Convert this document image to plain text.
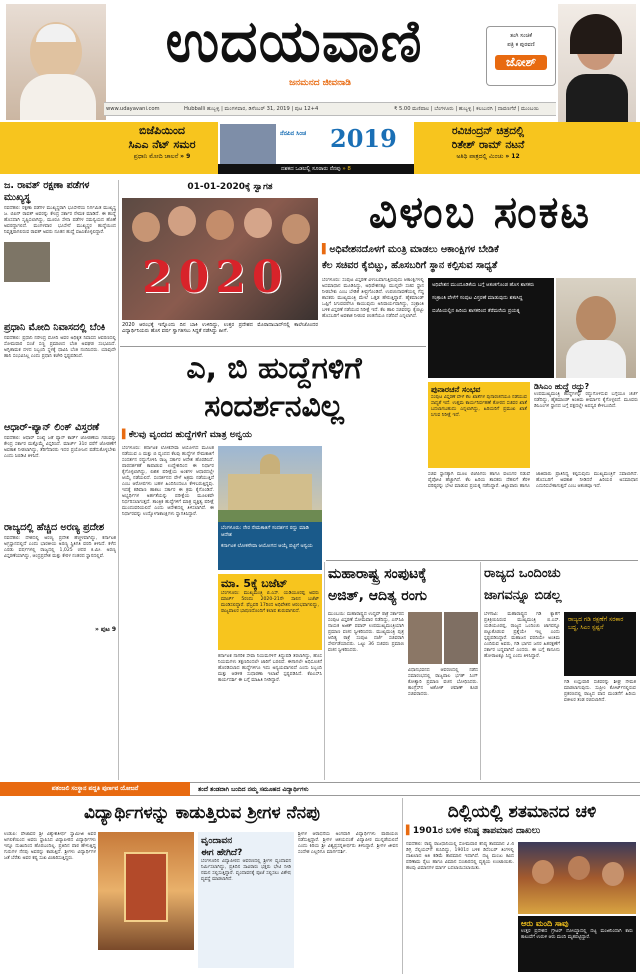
ಉದಯವಾಣಿ
ಜನಮನದ ಜೀವನಾಡಿ
ತಂಗಿ ಸಂಚಿಕೆ
ಪತ್ರಿ ಕ ಪುರವಣಿ
ಜೋಶ್
www.udayavani.com	Hubballi ಹುಬ್ಬಳ್ಳಿ | ಮಂಗಳವಾರ, ಡಿಸೆಂಬರ್ 31, 2019 | ಪುಟ 12+4	₹ 5.00 ಮಣಿಪಾಲ | ಬೆಂಗಳೂರು | ಹುಬ್ಬಳ್ಳಿ | ಕಲಬುರಗಿ | ದಾವಣಗೆರೆ | ಮುಂಬಯಿ
ಬಿಜೆಪಿಯಿಂದ
ಸಿಎಎ ನೆಟ್ ಸಮರ
ಪ್ರಧಾನಿ ಮೋದಿ ಚಾಲನೆ » 9
ನೆನಪಿನ ಸಿಂಚ 2019
ದಶಕದ ಒಡಲಲ್ಲಿ ಸೂರಾರು ನೆನಪು » 8
ರವಿಚಂದ್ರನ್ ಚಿತ್ರದಲ್ಲಿ
ರಿತೇಶ್ ರಾಮ್ ನಟನೆ
ಅತಿಥಿ ಪಾತ್ರದಲ್ಲಿ ಮಿಂಚು » 12
ಜ. ರಾವತ್ ರಕ್ಷಣಾ ಪಡೆಗಳ ಮುಖ್ಯಸ್ಥ
ನವದೆಹಲಿ: ರಕ್ಷಣಾ ಪಡೆಗಳ ಮುಖ್ಯಸ್ಥರಾಗಿ ಭೂಸೇನೆಯ ನಿರ್ಗಮಿತ ಮುಖ್ಯಸ್ಥ ಜ. ಬಿಪಿನ್ ರಾವತ್ ಅವರನ್ನು ಕೇಂದ್ರ ಸರ್ಕಾರ ನೇಮಕ ಮಾಡಿದೆ. ಈ ಹುದ್ದೆ ಹೊಸದಾಗಿ ಸೃಷ್ಟಿಸಲಾಗಿದ್ದು, ಮೂರೂ ಸೇನಾ ಪಡೆಗಳ ಸಮನ್ವಯದ ಹೊಣೆ ಅವರದ್ದಾಗಲಿದೆ. ಮಂಗಳವಾರ ಭೂಸೇನೆ ಮುಖ್ಯಸ್ಥರ ಹುದ್ದೆಯಿಂದ ನಿವೃತ್ತರಾಗಲಿರುವ ರಾವತ್ ಅವರು ನೂತನ ಹುದ್ದೆ ವಹಿಸಿಕೊಳ್ಳಲಿದ್ದಾರೆ.
ಪ್ರಧಾನಿ ಮೋದಿ ನಿವಾಸದಲ್ಲಿ ಬೆಂಕಿ
ನವದೆಹಲಿ: ಪ್ರಧಾನಿ ನರೇಂದ್ರ ಮೋದಿ ಅವರ ಅಧಿಕೃತ ನಿವಾಸದ ಆವರಣದಲ್ಲಿ ಸೋಮವಾರ ಸಂಜೆ ಸಣ್ಣ ಪ್ರಮಾಣದ ಬೆಂಕಿ ಅವಘಡ ಸಂಭವಿಸಿದೆ. ಅಗ್ನಿಶಾಮಕ ದಳದ ಸಿಬ್ಬಂದಿ ಸ್ಥಳಕ್ಕೆ ಧಾವಿಸಿ ಬೆಂಕಿ ನಂದಿಸಿದರು. ಯಾವುದೇ ಹಾನಿ ಸಂಭವಿಸಿಲ್ಲ ಎಂದು ಪ್ರಧಾನಿ ಕಚೇರಿ ಸ್ಪಷ್ಟಪಡಿಸಿದೆ.
ಆಧಾರ್-ಪ್ಯಾನ್ ಲಿಂಕ್ ವಿಸ್ತರಣೆ
ನವದೆಹಲಿ: ಆಧಾರ್ ಸಂಖ್ಯೆ ಜತೆ ಪ್ಯಾನ್ ಕಾರ್ಡ್ ಜೋಡಣೆಯ ಗಡುವನ್ನು ಕೇಂದ್ರ ಸರ್ಕಾರ ಮತ್ತೊಮ್ಮೆ ವಿಸ್ತರಿಸಿದೆ. ಮಾರ್ಚ್ 31ರ ವರೆಗೆ ಜೋಡಣೆಗೆ ಅವಕಾಶ ನೀಡಲಾಗಿದ್ದು, ತೆರಿಗೆದಾರರು ಇದರ ಪ್ರಯೋಜನ ಪಡೆದುಕೊಳ್ಳಬೇಕು ಎಂದು ಸಿಬಿಡಿಟಿ ತಿಳಿಸಿದೆ.
ರಾಜ್ಯದಲ್ಲಿ ಹೆಚ್ಚಿದ ಅರಣ್ಯ ಪ್ರದೇಶ
ನವದೆಹಲಿ: ದೇಶದಲ್ಲಿ ಅರಣ್ಯ ಪ್ರದೇಶ ಹೆಚ್ಚಳವಾಗಿದ್ದು, ಕರ್ನಾಟಕ ಅಗ್ರಸ್ಥಾನದಲ್ಲಿದೆ ಎಂದು ಭಾರತೀಯ ಅರಣ್ಯ ಸ್ಥಿತಿಗತಿ ವರದಿ ತಿಳಿಸಿದೆ. ಕಳೆದ ಎರಡು ವರ್ಷಗಳಲ್ಲಿ ರಾಜ್ಯದಲ್ಲಿ 1,025 ಚದರ ಕಿ.ಮೀ. ಅರಣ್ಯ ವಿಸ್ತರಣೆಯಾಗಿದ್ದು, ಆಂಧ್ರಪ್ರದೇಶ ಮತ್ತು ಕೇರಳ ನಂತರದ ಸ್ಥಾನದಲ್ಲಿವೆ.
» ಪುಟ 9
01-01-2020ಕ್ಕೆ ಸ್ವಾಗತ
2020
2020 ಆರಂಭಕ್ಕೆ ಇನ್ನೊಂದು ದಿನ ಬಾಕಿ ಉಳಿದಿದ್ದು, ಉತ್ತರ ಪ್ರದೇಶದ ಮೊರಾದಾಬಾದ್‌ನಲ್ಲಿ ಕಾಲೇಜೊಂದರ ವಿದ್ಯಾರ್ಥಿನಿಯರು ಹೊಸ ವರ್ಷ ಸ್ವಾಗತಿಸಲು ಸಿದ್ಧತೆ ನಡೆಸಿದ್ದು ಹೀಗೆ.
ವಿಳಂಬ ಸಂಕಟ
▌ಅಧಿವೇಶನದೊಳಗೆ ಮಂತ್ರಿ ಮಾಡಲು ಆಕಾಂಕ್ಷಿಗಳ ಬೇಡಿಕೆ
ಕೆಲ ಸಚಿವರ ಕೈಬಿಟ್ಟು, ಹೊಸಬರಿಗೆ ಸ್ಥಾನ ಕಲ್ಪಿಸುವ ಸಾಧ್ಯತೆ
ಬೆಂಗಳೂರು: ಸಂಪುಟ ವಿಸ್ತರಣೆ ವಿಳಂಬವಾಗುತ್ತಿರುವುದು ಆಕಾಂಕ್ಷಿಗಳಲ್ಲಿ ಅಸಮಾಧಾನ ಮೂಡಿಸಿದ್ದು, ಅಧಿವೇಶನಕ್ಕೂ ಮುನ್ನವೇ ಸಚಿವ ಸ್ಥಾನ ನೀಡಬೇಕು ಎಂಬ ಬೇಡಿಕೆ ತೀವ್ರಗೊಂಡಿದೆ. ಉಪಚುನಾವಣೆಯಲ್ಲಿ ಗೆದ್ದ ಶಾಸಕರು ಮುಖ್ಯಮಂತ್ರಿ ಮೇಲೆ ಒತ್ತಡ ಹೇರುತ್ತಿದ್ದಾರೆ. ಹೈಕಮಾಂಡ್ ಒಪ್ಪಿಗೆ ಸಿಗುವವರೆಗೂ ಕಾಯುವುದು ಅನಿವಾರ್ಯವಾಗಿದ್ದು, ಸಂಕ್ರಾಂತಿ ಬಳಿಕ ವಿಸ್ತರಣೆ ನಡೆಯುವ ನಿರೀಕ್ಷೆ ಇದೆ. ಕೆಲ ಹಾಲಿ ಸಚಿವರನ್ನು ಕೈಬಿಟ್ಟು ಹೊಸಬರಿಗೆ ಅವಕಾಶ ನೀಡುವ ಚಿಂತನೆಯೂ ನಡೆದಿದೆ ಎನ್ನಲಾಗಿದೆ.
ಅಧಿವೇಶನ ಮುಂದೂಡಿಕೆಯ ಬಗ್ಗೆ ಆತಂಕಗೊಂಡ ಹೊಸ ಶಾಸಕರು
ಸಂಕ್ರಾಂತಿ ವೇಳೆಗೆ ಸಂಪುಟ ವಿಸ್ತರಣೆ ಮಾಡುವುದು ಶತಃಸಿದ್ಧ
ಬಿಜೆಪಿಯಲ್ಲಿನ ಹಿರಿಯ ಶಾಸಕರಿಂದ ತೆರೆಮರೆಯ ಪ್ರಯತ್ನ
ಪುನಾರಚನೆ ಸಂಭವ
ಸಂಪುಟ ವಿಸ್ತರಣೆ ವೇಳೆ ಕೆಲ ಖಾತೆಗಳ ಪುನಾರಚನೆಯೂ ನಡೆಯುವ ಸಾಧ್ಯತೆ ಇದೆ. ಉತ್ತಮ ಕಾರ್ಯನಿರ್ವಹಣೆ ತೋರದ ಸಚಿವರ ಖಾತೆ ಬದಲಾಗಬಹುದು ಎನ್ನಲಾಗಿದ್ದು, ಹಿರಿಯರಿಗೆ ಪ್ರಮುಖ ಖಾತೆ ಸಿಗುವ ನಿರೀಕ್ಷೆ ಇದೆ.
ಡಿಸಿಎಂ ಹುದ್ದೆ ರದ್ದು?
ಉಪಮುಖ್ಯಮಂತ್ರಿ ಹುದ್ದೆಗಳನ್ನು ರದ್ದುಗೊಳಿಸುವ ಬಗ್ಗೆಯೂ ಚರ್ಚೆ ನಡೆದಿದ್ದು, ಹೈಕಮಾಂಡ್ ಅಂತಿಮ ತೀರ್ಮಾನ ಕೈಗೊಳ್ಳಲಿದೆ. ಮೂವರು ಡಿಸಿಎಂಗಳ ಸ್ಥಾನದ ಬಗ್ಗೆ ಪಕ್ಷದಲ್ಲೇ ಅಪಸ್ವರ ಕೇಳಿಬಂದಿದೆ.
ಸಚಿವ ಸ್ಥಾನಕ್ಕಾಗಿ ಮೂಲ ಬಿಜೆಪಿಗರು ಹಾಗೂ ವಲಸಿಗರ ನಡುವೆ ಪೈಪೋಟಿ ಹೆಚ್ಚಾಗಿದೆ. ಕೆಲ ಹಿರಿಯ ಶಾಸಕರು ದೆಹಲಿಗೆ ತೆರಳಿ ವರಿಷ್ಠರನ್ನು ಭೇಟಿ ಮಾಡುವ ಪ್ರಯತ್ನ ನಡೆಸಿದ್ದಾರೆ. ಜಿಲ್ಲಾವಾರು ಹಾಗೂ ಜಾತಿವಾರು ಪ್ರಾತಿನಿಧ್ಯ ಕಲ್ಪಿಸುವುದು ಮುಖ್ಯಮಂತ್ರಿಗೆ ಸವಾಲಾಗಿದೆ. ಹೊಸಬರಿಗೆ ಅವಕಾಶ ನೀಡಿದರೆ ಹಿರಿಯರ ಅಸಮಾಧಾನ ಎದುರಿಸಬೇಕಾಗುತ್ತದೆ ಎಂಬ ಆತಂಕವೂ ಇದೆ.
ಎ, ಬಿ ಹುದ್ದೆಗಳಿಗೆ
ಸಂದರ್ಶನವಿಲ್ಲ
▌ಕೆಲವು ವೃಂದದ ಹುದ್ದೆಗಳಿಗೆ ಮಾತ್ರ ಅನ್ವಯ
ಬೆಂಗಳೂರು: ಕರ್ನಾಟಕ ಲೋಕಸೇವಾ ಆಯೋಗದ ಮೂಲಕ ನಡೆಯುವ ಎ ಮತ್ತು ಬಿ ವೃಂದದ ಕೆಲವು ಹುದ್ದೆಗಳ ನೇಮಕಾತಿಗೆ ಸಂದರ್ಶನ ರದ್ದುಗೊಳಿಸಿ ರಾಜ್ಯ ಸರ್ಕಾರ ಆದೇಶ ಹೊರಡಿಸಿದೆ. ಪಾರದರ್ಶಕತೆ ಕಾಪಾಡುವ ಉದ್ದೇಶದಿಂದ ಈ ನಿರ್ಧಾರ ಕೈಗೊಳ್ಳಲಾಗಿದ್ದು, ಲಿಖಿತ ಪರೀಕ್ಷೆಯ ಅಂಕಗಳ ಆಧಾರದಲ್ಲೇ ಆಯ್ಕೆ ನಡೆಯಲಿದೆ. ಸಂದರ್ಶನದ ವೇಳೆ ಅಕ್ರಮ ನಡೆಯುತ್ತಿದೆ ಎಂಬ ಆರೋಪಗಳು ಬಹಳ ಹಿಂದಿನಿಂದಲೂ ಕೇಳಿಬರುತ್ತಿದ್ದವು. ಇದಕ್ಕೆ ಕಡಿವಾಣ ಹಾಕಲು ಸರ್ಕಾರ ಈ ಕ್ರಮ ಕೈಗೊಂಡಿದೆ. ಅಭ್ಯರ್ಥಿಗಳ ಅರ್ಹತೆಯನ್ನು ಪರೀಕ್ಷೆಯ ಮೂಲಕವೇ ನಿರ್ಧರಿಸಲಾಗುತ್ತದೆ. ತಾಂತ್ರಿಕ ಹುದ್ದೆಗಳಿಗೆ ಮಾತ್ರ ವ್ಯಕ್ತಿತ್ವ ಪರೀಕ್ಷೆ ಮುಂದುವರಿಯಲಿದೆ ಎಂದು ಆದೇಶದಲ್ಲಿ ತಿಳಿಸಲಾಗಿದೆ. ಈ ನಿರ್ಧಾರವನ್ನು ಉದ್ಯೋಗಾಕಾಂಕ್ಷಿಗಳು ಸ್ವಾಗತಿಸಿದ್ದಾರೆ.
ಬೆಂಗಳೂರು: ನೇರ ನೇಮಕಾತಿಗೆ ಸಂದರ್ಶನ ರದ್ದು ಮಾಡಿ ಆದೇಶ
ಕರ್ನಾಟಕ ಲೋಕಸೇವಾ ಆಯೋಗದ ಆಯ್ಕೆ ಪಟ್ಟಿಗೆ ಅನ್ವಯ
ಮಾ. 5ಕ್ಕೆ ಬಜೆಟ್
ಬೆಂಗಳೂರು: ಮುಖ್ಯಮಂತ್ರಿ ಬಿ.ಎಸ್. ಯಡಿಯೂರಪ್ಪ ಅವರು ಮಾರ್ಚ್ 5ರಂದು 2020-21ನೇ ಸಾಲಿನ ಬಜೆಟ್ ಮಂಡಿಸಲಿದ್ದಾರೆ. ಫೆಬ್ರವರಿ 17ರಿಂದ ಅಧಿವೇಶನ ಆರಂಭವಾಗಲಿದ್ದು, ರಾಜ್ಯಪಾಲರ ಭಾಷಣದೊಂದಿಗೆ ಕಲಾಪ ಶುರುವಾಗಲಿದೆ.
ಕರ್ನಾಟಕ ನಾಗರಿಕ ಸೇವಾ ನಿಯಮಗಳಿಗೆ ತಿದ್ದುಪಡಿ ತರಲಾಗಿದ್ದು, ಹೊಸ ನಿಯಮಗಳು ತಕ್ಷಣದಿಂದಲೇ ಜಾರಿಗೆ ಬರಲಿವೆ. ಈಗಾಗಲೇ ಅಧಿಸೂಚನೆ ಹೊರಡಿಸಲಾದ ಹುದ್ದೆಗಳಿಗೂ ಇದು ಅನ್ವಯವಾಗಲಿದೆ ಎಂದು ಸಿಬ್ಬಂದಿ ಮತ್ತು ಆಡಳಿತ ಸುಧಾರಣಾ ಇಲಾಖೆ ಸ್ಪಷ್ಟಪಡಿಸಿದೆ. ಕೆಪಿಎಸ್‌ಸಿ ಕಾರ್ಯದರ್ಶಿ ಈ ಬಗ್ಗೆ ಮಾಹಿತಿ ನೀಡಿದ್ದಾರೆ.
ಮಹಾರಾಷ್ಟ್ರ ಸಂಪುಟಕ್ಕೆ
ಅಜಿತ್, ಆದಿತ್ಯ ರಂಗು
ಮುಂಬಯಿ: ಮಹಾರಾಷ್ಟ್ರದ ಉದ್ಧವ್ ಠಾಕ್ರೆ ಸರ್ಕಾರದ ಸಂಪುಟ ವಿಸ್ತರಣೆ ಸೋಮವಾರ ನಡೆದಿದ್ದು, ಎನ್‌ಸಿಪಿ ನಾಯಕ ಅಜಿತ್ ಪವಾರ್ ಉಪಮುಖ್ಯಮಂತ್ರಿಯಾಗಿ ಪ್ರಮಾಣ ವಚನ ಸ್ವೀಕರಿಸಿದರು. ಮುಖ್ಯಮಂತ್ರಿ ಪುತ್ರ ಆದಿತ್ಯ ಠಾಕ್ರೆ ಸಂಪುಟ ದರ್ಜೆ ಸಚಿವರಾಗಿ ಸೇರ್ಪಡೆಯಾದರು. ಒಟ್ಟು 36 ಸಚಿವರು ಪ್ರಮಾಣ ವಚನ ಸ್ವೀಕರಿಸಿದರು.
ವಿಧಾನಭವನದ ಆವರಣದಲ್ಲಿ ನಡೆದ ಸಮಾರಂಭದಲ್ಲಿ ರಾಜ್ಯಪಾಲ ಭಗತ್ ಸಿಂಗ್ ಕೋಶ್ಯಾರಿ ಪ್ರಮಾಣ ವಚನ ಬೋಧಿಸಿದರು. ಕಾಂಗ್ರೆಸ್‌ನ ಅಶೋಕ್ ಚವಾಣ್ ಕೂಡ ಸಚಿವರಾದರು.
ರಾಜ್ಯದ ಒಂದಿಂಚು
ಜಾಗವನ್ನೂ ಬಿಡಲ್ಲ
ಬೆಳಗಾವಿ: ಮಹಾರಾಷ್ಟ್ರದ ಗಡಿ ಕ್ಯಾತೆಗೆ ಪ್ರತಿಕ್ರಿಯಿಸಿರುವ ಮುಖ್ಯಮಂತ್ರಿ ಬಿ.ಎಸ್. ಯಡಿಯೂರಪ್ಪ, ರಾಜ್ಯದ ಒಂದಿಂಚು ಜಾಗವನ್ನೂ ಬಿಟ್ಟುಕೊಡುವ ಪ್ರಶ್ನೆಯೇ ಇಲ್ಲ ಎಂದು ಸ್ಪಷ್ಟಪಡಿಸಿದ್ದಾರೆ. ಮಹಾಜನ ವರದಿಯೇ ಅಂತಿಮ ಎಂದಿರುವ ಅವರು, ಗಡಿ ಭಾಗದ ಜನರ ಹಿತರಕ್ಷಣೆಗೆ ಸರ್ಕಾರ ಬದ್ಧವಾಗಿದೆ ಎಂದರು. ಈ ಬಗ್ಗೆ ಕಾನೂನು ಹೋರಾಟಕ್ಕೂ ಸಿದ್ಧ ಎಂದು ತಿಳಿಸಿದ್ದಾರೆ.
ರಾಜ್ಯದ ಗಡಿ ರಕ್ಷಣೆಗೆ ಸರಕಾರ ಬದ್ಧ, ಸಿಎಂ ಸ್ಪಷ್ಟನೆ
ಗಡಿ ಉಸ್ತುವಾರಿ ಸಚಿವರನ್ನು ಶೀಘ್ರ ನೇಮಕ ಮಾಡಲಾಗುವುದು. ಸುಪ್ರೀಂ ಕೋರ್ಟ್‌ನಲ್ಲಿರುವ ಪ್ರಕರಣದಲ್ಲಿ ರಾಜ್ಯದ ವಾದ ಮಂಡನೆಗೆ ಹಿರಿಯ ವಕೀಲರ ತಂಡ ರಚಿಸಲಾಗಿದೆ.
ಪತಂಜಲಿ ಸಂಸ್ಥಾನ ಪದ್ದತಿ ಪುರ್ಣವ ಯೋಜನೆ	ತಂದೆ ತಂಡದಾಗಿ ಬಂದಿದ ನಮ್ಮ ಸಮೂಹದ ವಿದ್ಯಾರ್ಥಿಗಳು
ವಿದ್ಯಾರ್ಥಿಗಳನ್ನು ಕಾಡುತ್ತಿರುವ ಶ್ರೀಗಳ ನೆನಪು
ಉಡುಪಿ: ಪೇಜಾವರ ಶ್ರೀ ವಿಶ್ವೇಶತೀರ್ಥ ಸ್ವಾಮೀಜಿ ಅವರ ಅಗಲಿಕೆಯಿಂದ ಅವರು ಸ್ಥಾಪಿಸಿದ ವಿದ್ಯಾಪೀಠದ ವಿದ್ಯಾರ್ಥಿಗಳು ಇನ್ನೂ ದುಃಖದಿಂದ ಹೊರಬಂದಿಲ್ಲ. ಪ್ರತಿದಿನ ಪಾಠ ಹೇಳುತ್ತಿದ್ದ ಗುರುಗಳ ನೆನಪು ಅವರನ್ನು ಕಾಡುತ್ತಿದೆ. ಶ್ರೀಗಳು ವಿದ್ಯಾರ್ಥಿಗಳ ಜತೆ ಬೆರೆತು ಅವರ ಕಷ್ಟ ಸುಖ ವಿಚಾರಿಸುತ್ತಿದ್ದರು.
ವೃಂದಾವನ
ಈಗ ಹೇಗಿದೆ?
ಬೆಂಗಳೂರಿನ ವಿದ್ಯಾಪೀಠದ ಆವರಣದಲ್ಲಿ ಶ್ರೀಗಳ ವೃಂದಾವನ ನಿರ್ಮಿಸಲಾಗಿದ್ದು, ಪ್ರತಿದಿನ ಸಾವಿರಾರು ಭಕ್ತರು ಭೇಟಿ ನೀಡಿ ನಮನ ಸಲ್ಲಿಸುತ್ತಿದ್ದಾರೆ. ವೃಂದಾವನಕ್ಕೆ ಪೂಜೆ ಸಲ್ಲಿಸಲು ವಿಶೇಷ ವ್ಯವಸ್ಥೆ ಮಾಡಲಾಗಿದೆ.
ಶ್ರೀಗಳ ಆರಾಧನೆಯ ಅಂಗವಾಗಿ ವಿದ್ಯಾರ್ಥಿಗಳು ಪಾರಾಯಣ ನಡೆಸುತ್ತಿದ್ದಾರೆ. ಶ್ರೀಗಳ ಆಶಯದಂತೆ ವಿದ್ಯಾಪೀಠ ಮುನ್ನಡೆಯಲಿದೆ ಎಂದು ಕಿರಿಯ ಶ್ರೀ ವಿಶ್ವಪ್ರಸನ್ನತೀರ್ಥರು ತಿಳಿಸಿದ್ದಾರೆ. ಶ್ರೀಗಳ ಜೀವನ ಸಂದೇಶ ಎಲ್ಲರಿಗೂ ಮಾರ್ಗದರ್ಶಿ.
ದಿಲ್ಲಿಯಲ್ಲಿ ಶತಮಾನದ ಚಳಿ
▌1901ರ ಬಳಿಕ ಕನಿಷ್ಠ ತಾಪಮಾನ ದಾಖಲು
ನವದೆಹಲಿ: ರಾಷ್ಟ್ರ ರಾಜಧಾನಿಯಲ್ಲಿ ಸೋಮವಾರ ಕನಿಷ್ಠ ತಾಪಮಾನ 2.4 ಡಿಗ್ರಿ ಸೆಲ್ಸಿಯಸ್‌ಗೆ ಕುಸಿದಿದ್ದು, 1901ರ ಬಳಿಕ ಡಿಸೆಂಬರ್ ತಿಂಗಳಲ್ಲಿ ದಾಖಲಾದ ಅತಿ ಕಡಿಮೆ ತಾಪಮಾನ ಇದಾಗಿದೆ. ದಟ್ಟ ಮಂಜು ಕವಿದ ಪರಿಣಾಮ ರೈಲು ಹಾಗೂ ವಿಮಾನ ಸಂಚಾರದಲ್ಲಿ ವ್ಯತ್ಯಯ ಉಂಟಾಯಿತು. ಹಲವು ವಿಮಾನಗಳ ಮಾರ್ಗ ಬದಲಾಯಿಸಲಾಯಿತು.
ಆರು ಮಂದಿ ಸಾವು
ಉತ್ತರ ಪ್ರದೇಶದ ಗ್ರೇಟರ್ ನೋಯ್ಡಾದಲ್ಲಿ ದಟ್ಟ ಮಂಜಿನಿಂದಾಗಿ ಕಾರು ಕಾಲುವೆಗೆ ಉರುಳಿ ಆರು ಮಂದಿ ಮೃತಪಟ್ಟಿದ್ದಾರೆ.
